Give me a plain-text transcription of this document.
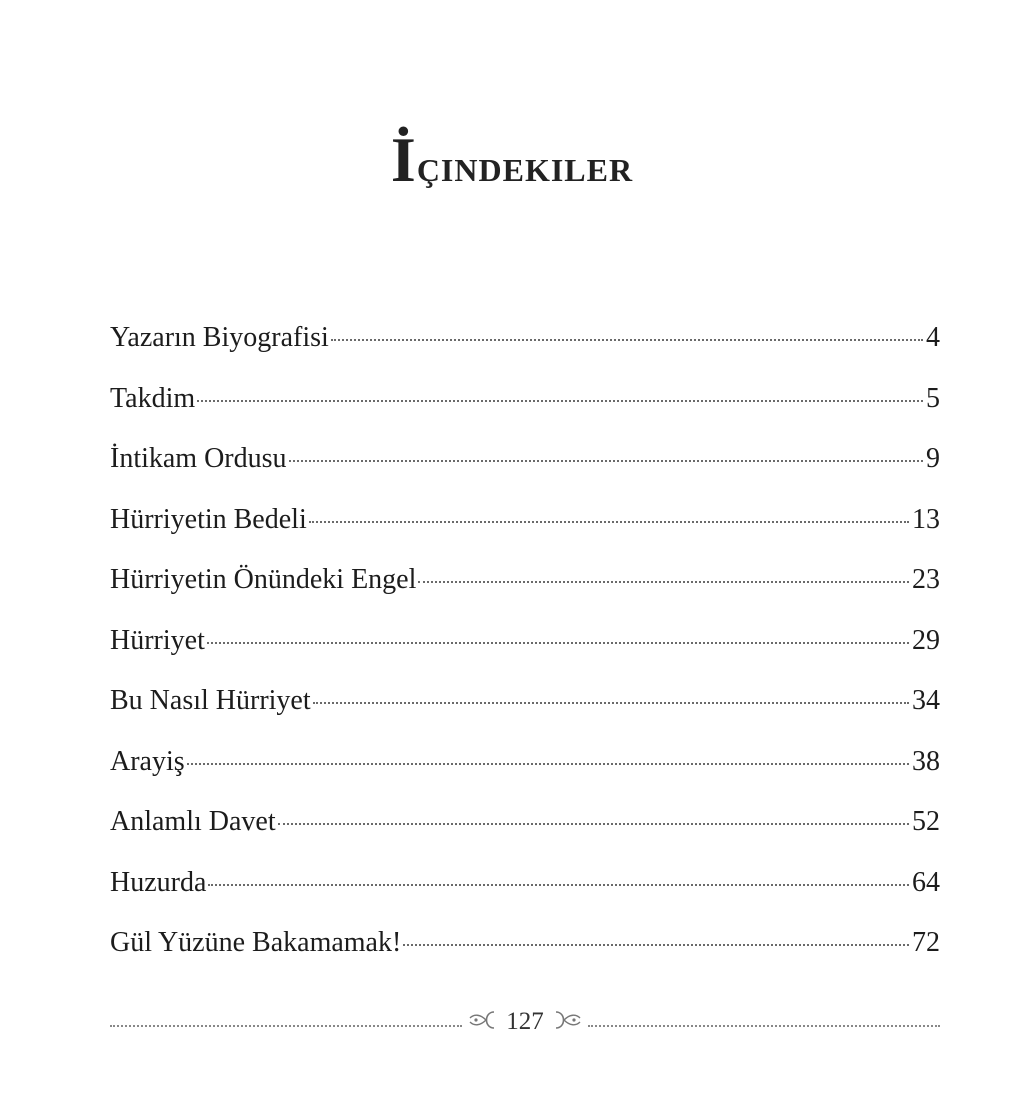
İçindekiler
Yazarın Biyografisi	4
Takdim	5
İntikam Ordusu	9
Hürriyetin Bedeli	13
Hürriyetin Önündeki Engel	23
Hürriyet	29
Bu Nasıl Hürriyet	34
Arayiş	38
Anlamlı Davet	52
Huzurda	64
Gül Yüzüne Bakamamak!	72
127
